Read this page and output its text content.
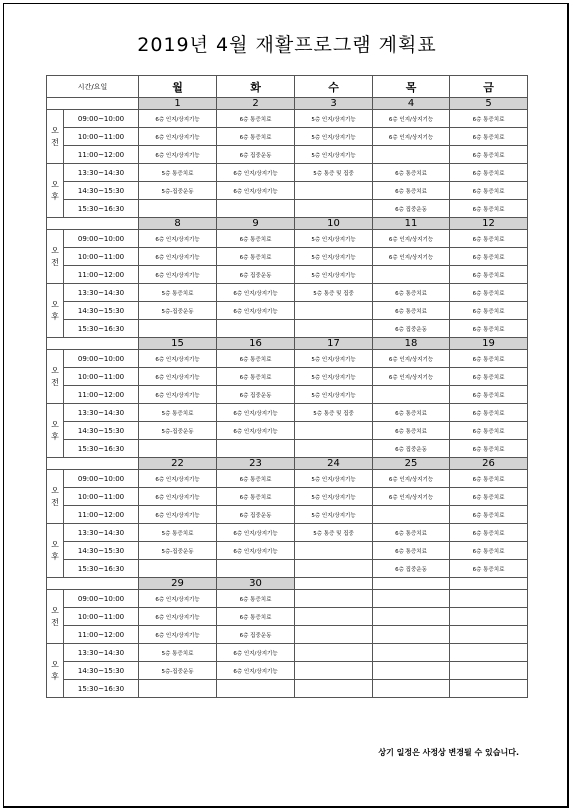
2019년 4월 재활프로그램 계획표
시간/요일		월	화	수	목	금
		1	2	3	4	5

오
전	09:00~10:00	6층 인지/상지기능	6층 통증치료	5층 인지/상지기능	6층 인지/상지기능	6층 통증치료
	10:00~11:00	6층 인지/상지기능	6층 통증치료	5층 인지/상지기능	6층 인지/상지기능	6층 통증치료
	11:00~12:00	6층 인지/상지기능	6층 집중운동	5층 인지/상지기능		6층 통증치료

오
후	13:30~14:30	5층 통증치료	6층 인지/상지기능	5층 통증 및 집중	6층 통증치료	6층 통증치료
	14:30~15:30	5층-집중운동	6층 인지/상지기능		6층 통증치료	6층 통증치료
	15:30~16:30				6층 집중운동	6층 통증치료
		8	9	10	11	12

오
전	09:00~10:00	6층 인지/상지기능	6층 통증치료	5층 인지/상지기능	6층 인지/상지기능	6층 통증치료
	10:00~11:00	6층 인지/상지기능	6층 통증치료	5층 인지/상지기능	6층 인지/상지기능	6층 통증치료
	11:00~12:00	6층 인지/상지기능	6층 집중운동	5층 인지/상지기능		6층 통증치료

오
후	13:30~14:30	5층 통증치료	6층 인지/상지기능	5층 통증 및 집중	6층 통증치료	6층 통증치료
	14:30~15:30	5층-집중운동	6층 인지/상지기능		6층 통증치료	6층 통증치료
	15:30~16:30				6층 집중운동	6층 통증치료
		15	16	17	18	19

오
전	09:00~10:00	6층 인지/상지기능	6층 통증치료	5층 인지/상지기능	6층 인지/상지기능	6층 통증치료
	10:00~11:00	6층 인지/상지기능	6층 통증치료	5층 인지/상지기능	6층 인지/상지기능	6층 통증치료
	11:00~12:00	6층 인지/상지기능	6층 집중운동	5층 인지/상지기능		6층 통증치료

오
후	13:30~14:30	5층 통증치료	6층 인지/상지기능	5층 통증 및 집중	6층 통증치료	6층 통증치료
	14:30~15:30	5층-집중운동	6층 인지/상지기능		6층 통증치료	6층 통증치료
	15:30~16:30				6층 집중운동	6층 통증치료
		22	23	24	25	26

오
전	09:00~10:00	6층 인지/상지기능	6층 통증치료	5층 인지/상지기능	6층 인지/상지기능	6층 통증치료
	10:00~11:00	6층 인지/상지기능	6층 통증치료	5층 인지/상지기능	6층 인지/상지기능	6층 통증치료
	11:00~12:00	6층 인지/상지기능	6층 집중운동	5층 인지/상지기능		6층 통증치료

오
후	13:30~14:30	5층 통증치료	6층 인지/상지기능	5층 통증 및 집중	6층 통증치료	6층 통증치료
	14:30~15:30	5층-집중운동	6층 인지/상지기능		6층 통증치료	6층 통증치료
	15:30~16:30				6층 집중운동	6층 통증치료
		29	30			

오
전	09:00~10:00	6층 인지/상지기능	6층 통증치료			
	10:00~11:00	6층 인지/상지기능	6층 통증치료			
	11:00~12:00	6층 인지/상지기능	6층 집중운동			

오
후	13:30~14:30	5층 통증치료	6층 인지/상지기능			
	14:30~15:30	5층-집중운동	6층 인지/상지기능			
	15:30~16:30					
상기 일정은 사정상 변경될 수 있습니다.
